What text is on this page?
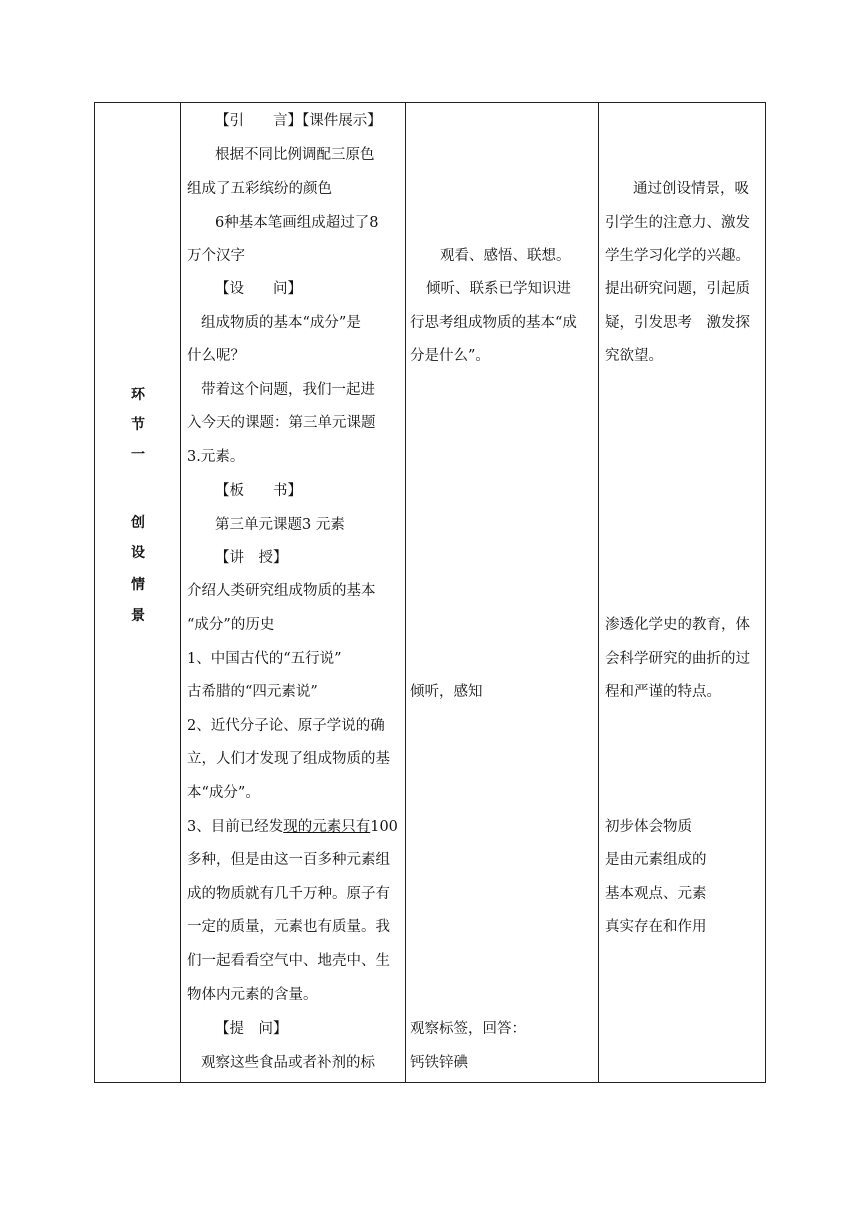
环
节
一
创
设
情
景
【引　　言】【课件展示】
根据不同比例调配三原色
组成了五彩缤纷的颜色
6种基本笔画组成超过了8
万个汉字
【设　　问】
组成物质的基本“成分”是
什么呢？
带着这个问题，我们一起进
入今天的课题：第三单元课题
3.元素。
【板　　书】
第三单元课题3 元素
【讲　授】
介绍人类研究组成物质的基本
“成分”的历史
1、中国古代的“五行说”
古希腊的“四元素说”
2、近代分子论、原子学说的确
立，人们才发现了组成物质的基
本“成分”。
3、目前已经发现的元素只有100
多种，但是由这一百多种元素组
成的物质就有几千万种。原子有
一定的质量，元素也有质量。我
们一起看看空气中、地壳中、生
物体内元素的含量。
【提　问】
观察这些食品或者补剂的标
观看、感悟、联想。
倾听、联系已学知识进
行思考组成物质的基本“成
分是什么”。
倾听，感知
观察标签，回答：
钙铁锌碘
通过创设情景，吸
引学生的注意力、激发
学生学习化学的兴趣。
提出研究问题，引起质
疑，引发思考　激发探
究欲望。
渗透化学史的教育，体
会科学研究的曲折的过
程和严谨的特点。
初步体会物质
是由元素组成的
基本观点、元素
真实存在和作用
